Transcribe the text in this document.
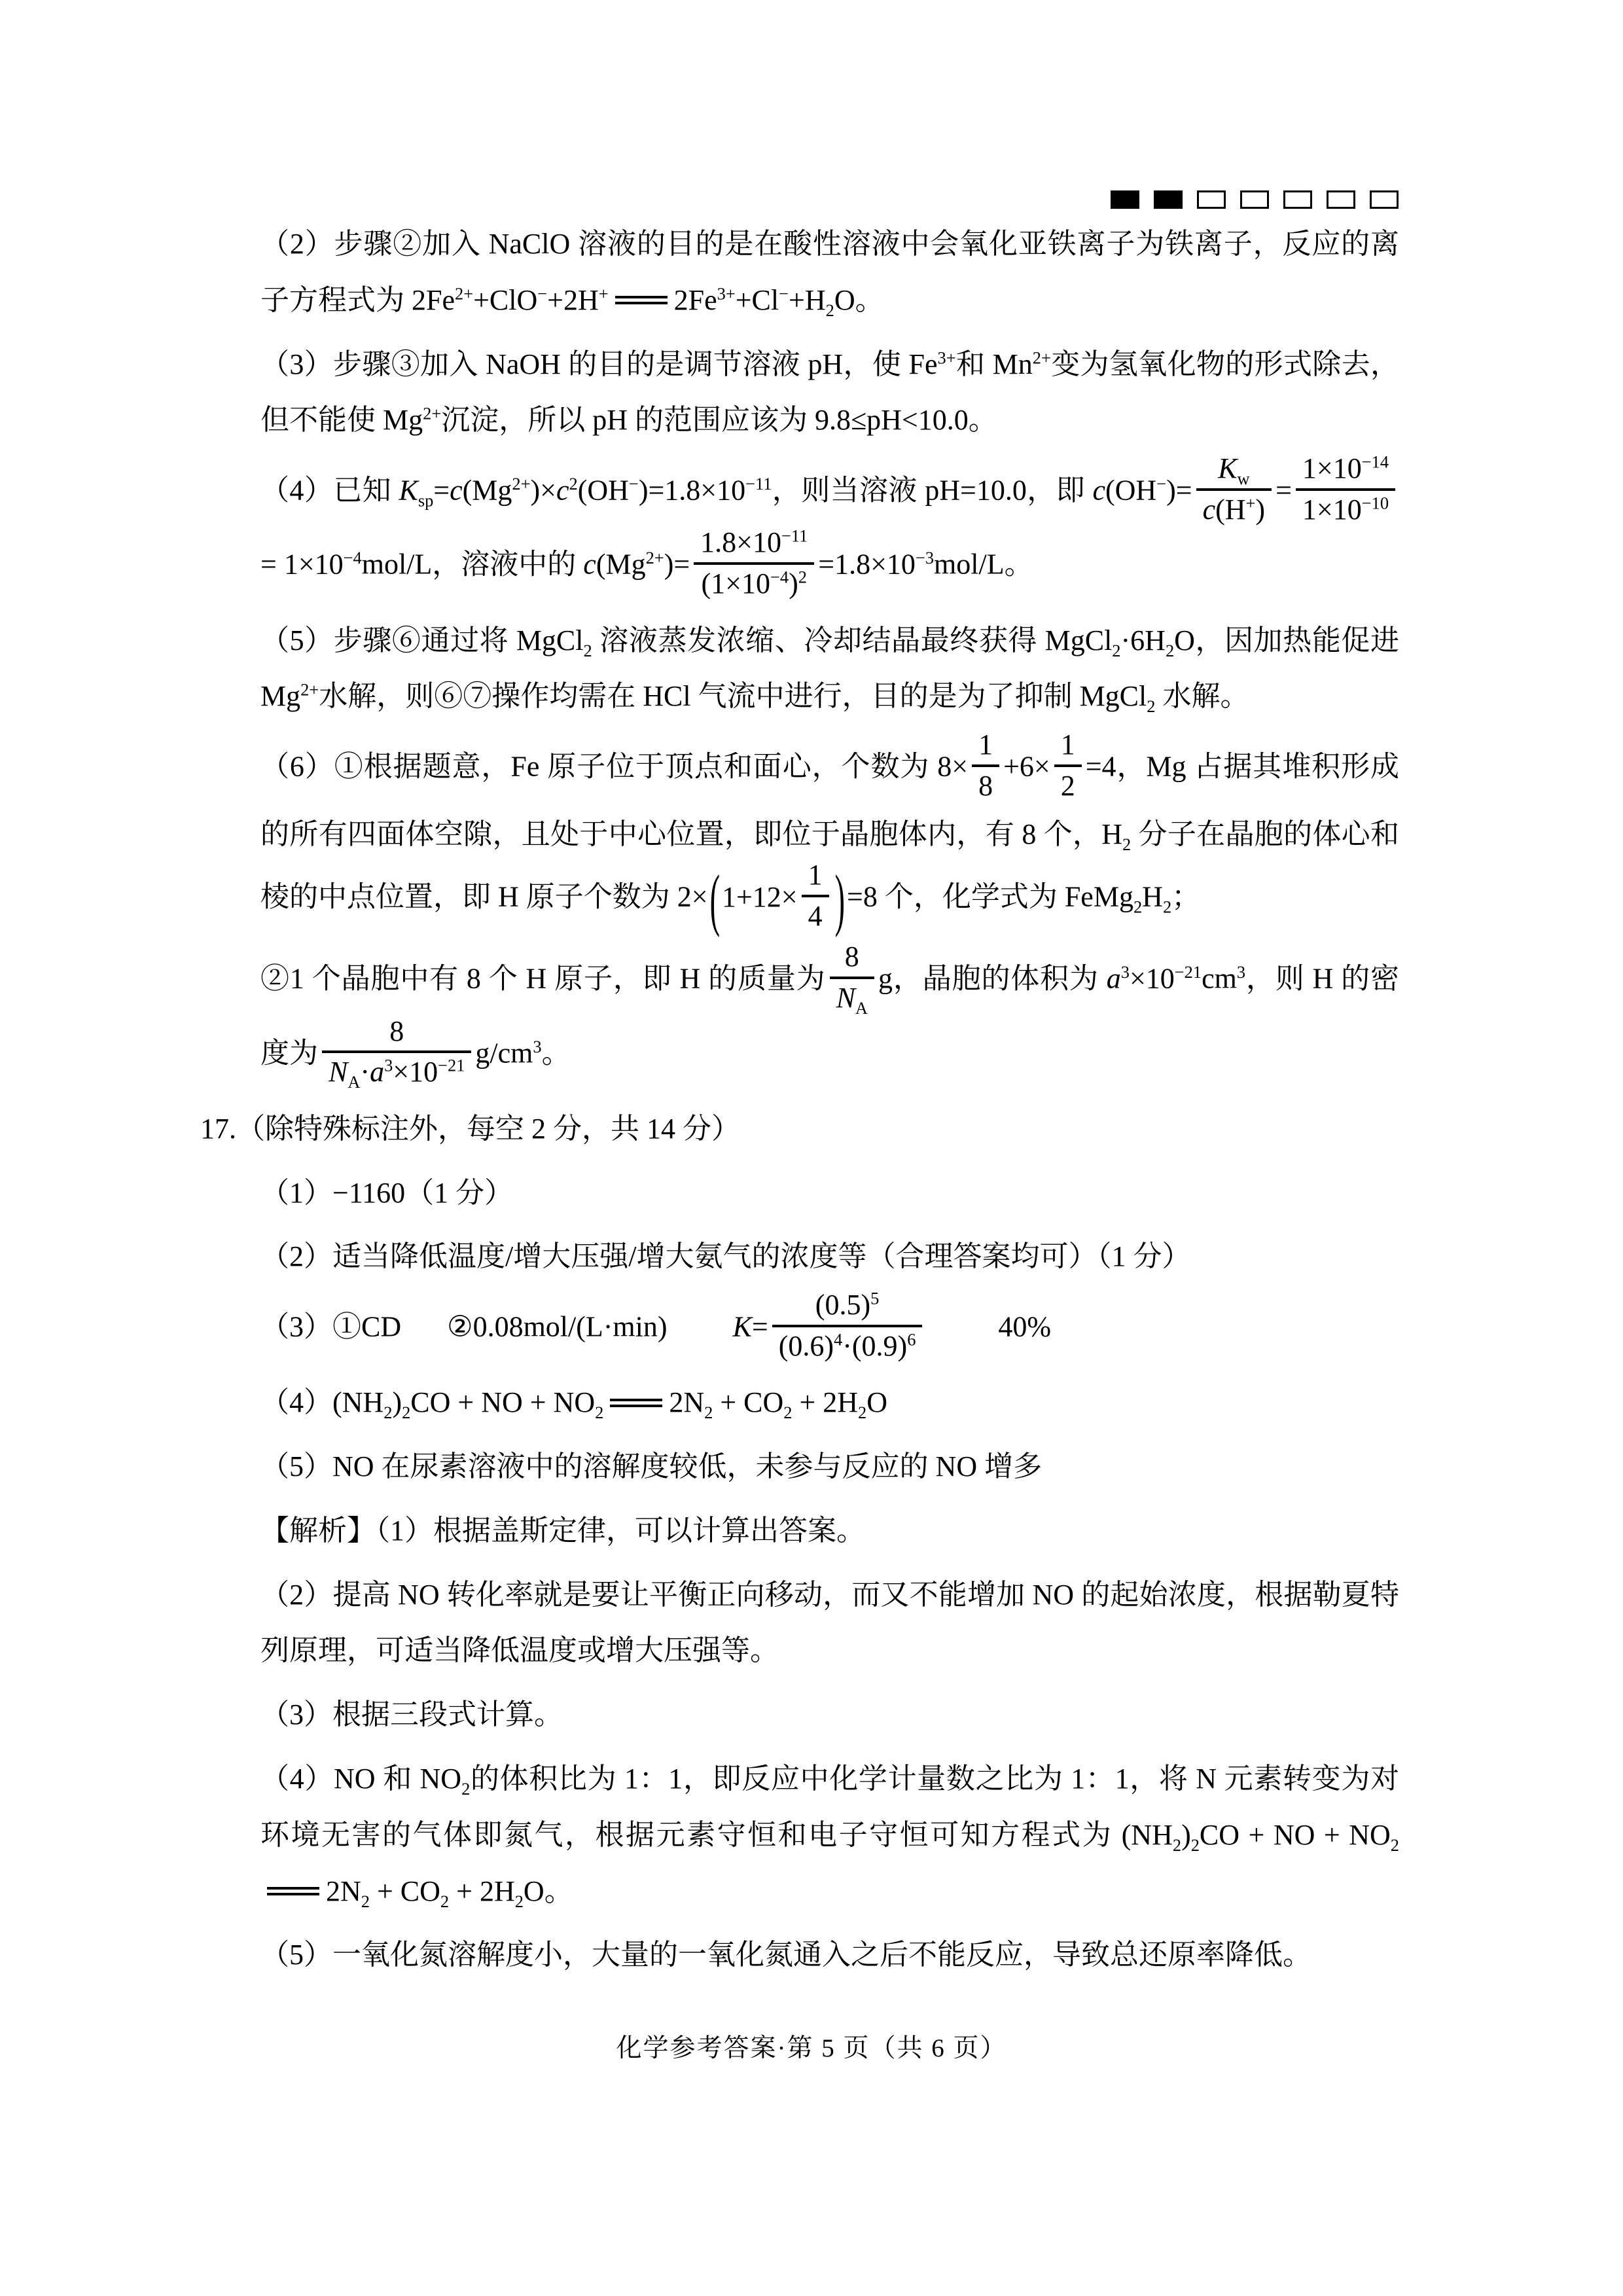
（2）步骤②加入 NaClO 溶液的目的是在酸性溶液中会氧化亚铁离子为铁离子，反应的离子方程式为 $2Fe^{2+}+ClO^-+2H^+$ $2Fe^{3+}+Cl^-+H_2O$。
（3）步骤③加入 NaOH 的目的是调节溶液 pH，使 $Fe^{3+}$和 $Mn^{2+}$变为氢氧化物的形式除去，但不能使 $Mg^{2+}$沉淀，所以 pH 的范围应该为 9.8≤pH<10.0。
（4）已知 $K_{sp}=c(Mg^{2+})\times c^2(OH^-)=1.8\times 10^{-11}$，则当溶液 pH=10.0，即 $c(OH^-)= \frac{K_w}{c(H^+)} = \frac{1\times 10^{-14}}{1\times 10^{-10}}$
= $1\times 10^{-4}mol/L$，溶液中的 $c(Mg^{2+})= \frac{1.8\times 10^{-11}}{(1\times 10^{-4})^2} =1.8\times 10^{-3}mol/L$。
（5）步骤⑥通过将 MgCl$_2$ 溶液蒸发浓缩、冷却结晶最终获得 $MgCl_2\cdot 6H_2O$，因加热能促进 $Mg^{2+}$水解，则⑥⑦操作均需在 HCl 气流中进行，目的是为了抑制 MgCl$_2$ 水解。
（6）①根据题意，Fe 原子位于顶点和面心，个数为 $8\times \frac{1}{8} +6\times \frac{1}{2} =4$，Mg 占据其堆积形成的所有四面体空隙，且处于中心位置，即位于晶胞体内，有 8 个，$H_2$ 分子在晶胞的体心和棱的中点位置，即 H 原子个数为 $2\times(1+12\times \frac{1}{4} )=8$ 个，化学式为 $FeMg_2H_2$；
②1 个晶胞中有 8 个 H 原子，即 H 的质量为 $\frac{8}{N_A}$ g，晶胞的体积为 $a^3\times 10^{-21}cm^3$，则 H 的密度为 $\frac{8}{N_A\cdot a^3\times 10^{-21}} g/cm^3$。
17.（除特殊标注外，每空 2 分，共 14 分）
（1）−1160（1 分）
（2）适当降低温度/增大压强/增大氨气的浓度等（合理答案均可）（1 分）
（3）①CD ②0.08mol/(L·min) $K= \frac{(0.5)^5}{(0.6)^4\cdot(0.9)^6}$	40%
$(4)(NH_2)_2CO$ + NO + $NO_2$ $2N_2 + CO_2 + 2H_2O$
（5）NO 在尿素溶液中的溶解度较低，未参与反应的 NO 增多
【解析】（1）根据盖斯定律，可以计算出答案。
（2）提高 NO 转化率就是要让平衡正向移动，而又不能增加 NO 的起始浓度，根据勒夏特列原理，可适当降低温度或增大压强等。
（3）根据三段式计算。
（4）NO 和 $NO_2$的体积比为 1：1，即反应中化学计量数之比为 1：1，将 N 元素转变为对环境无害的气体即氮气，根据元素守恒和电子守恒可知方程式为 $(NH_2)_2CO$ + NO + $NO_22N_2 + CO_2 + 2H_2O$。
（5）一氧化氮溶解度小，大量的一氧化氮通入之后不能反应，导致总还原率降低。
化学参考答案·第 5 页（共 6 页）
